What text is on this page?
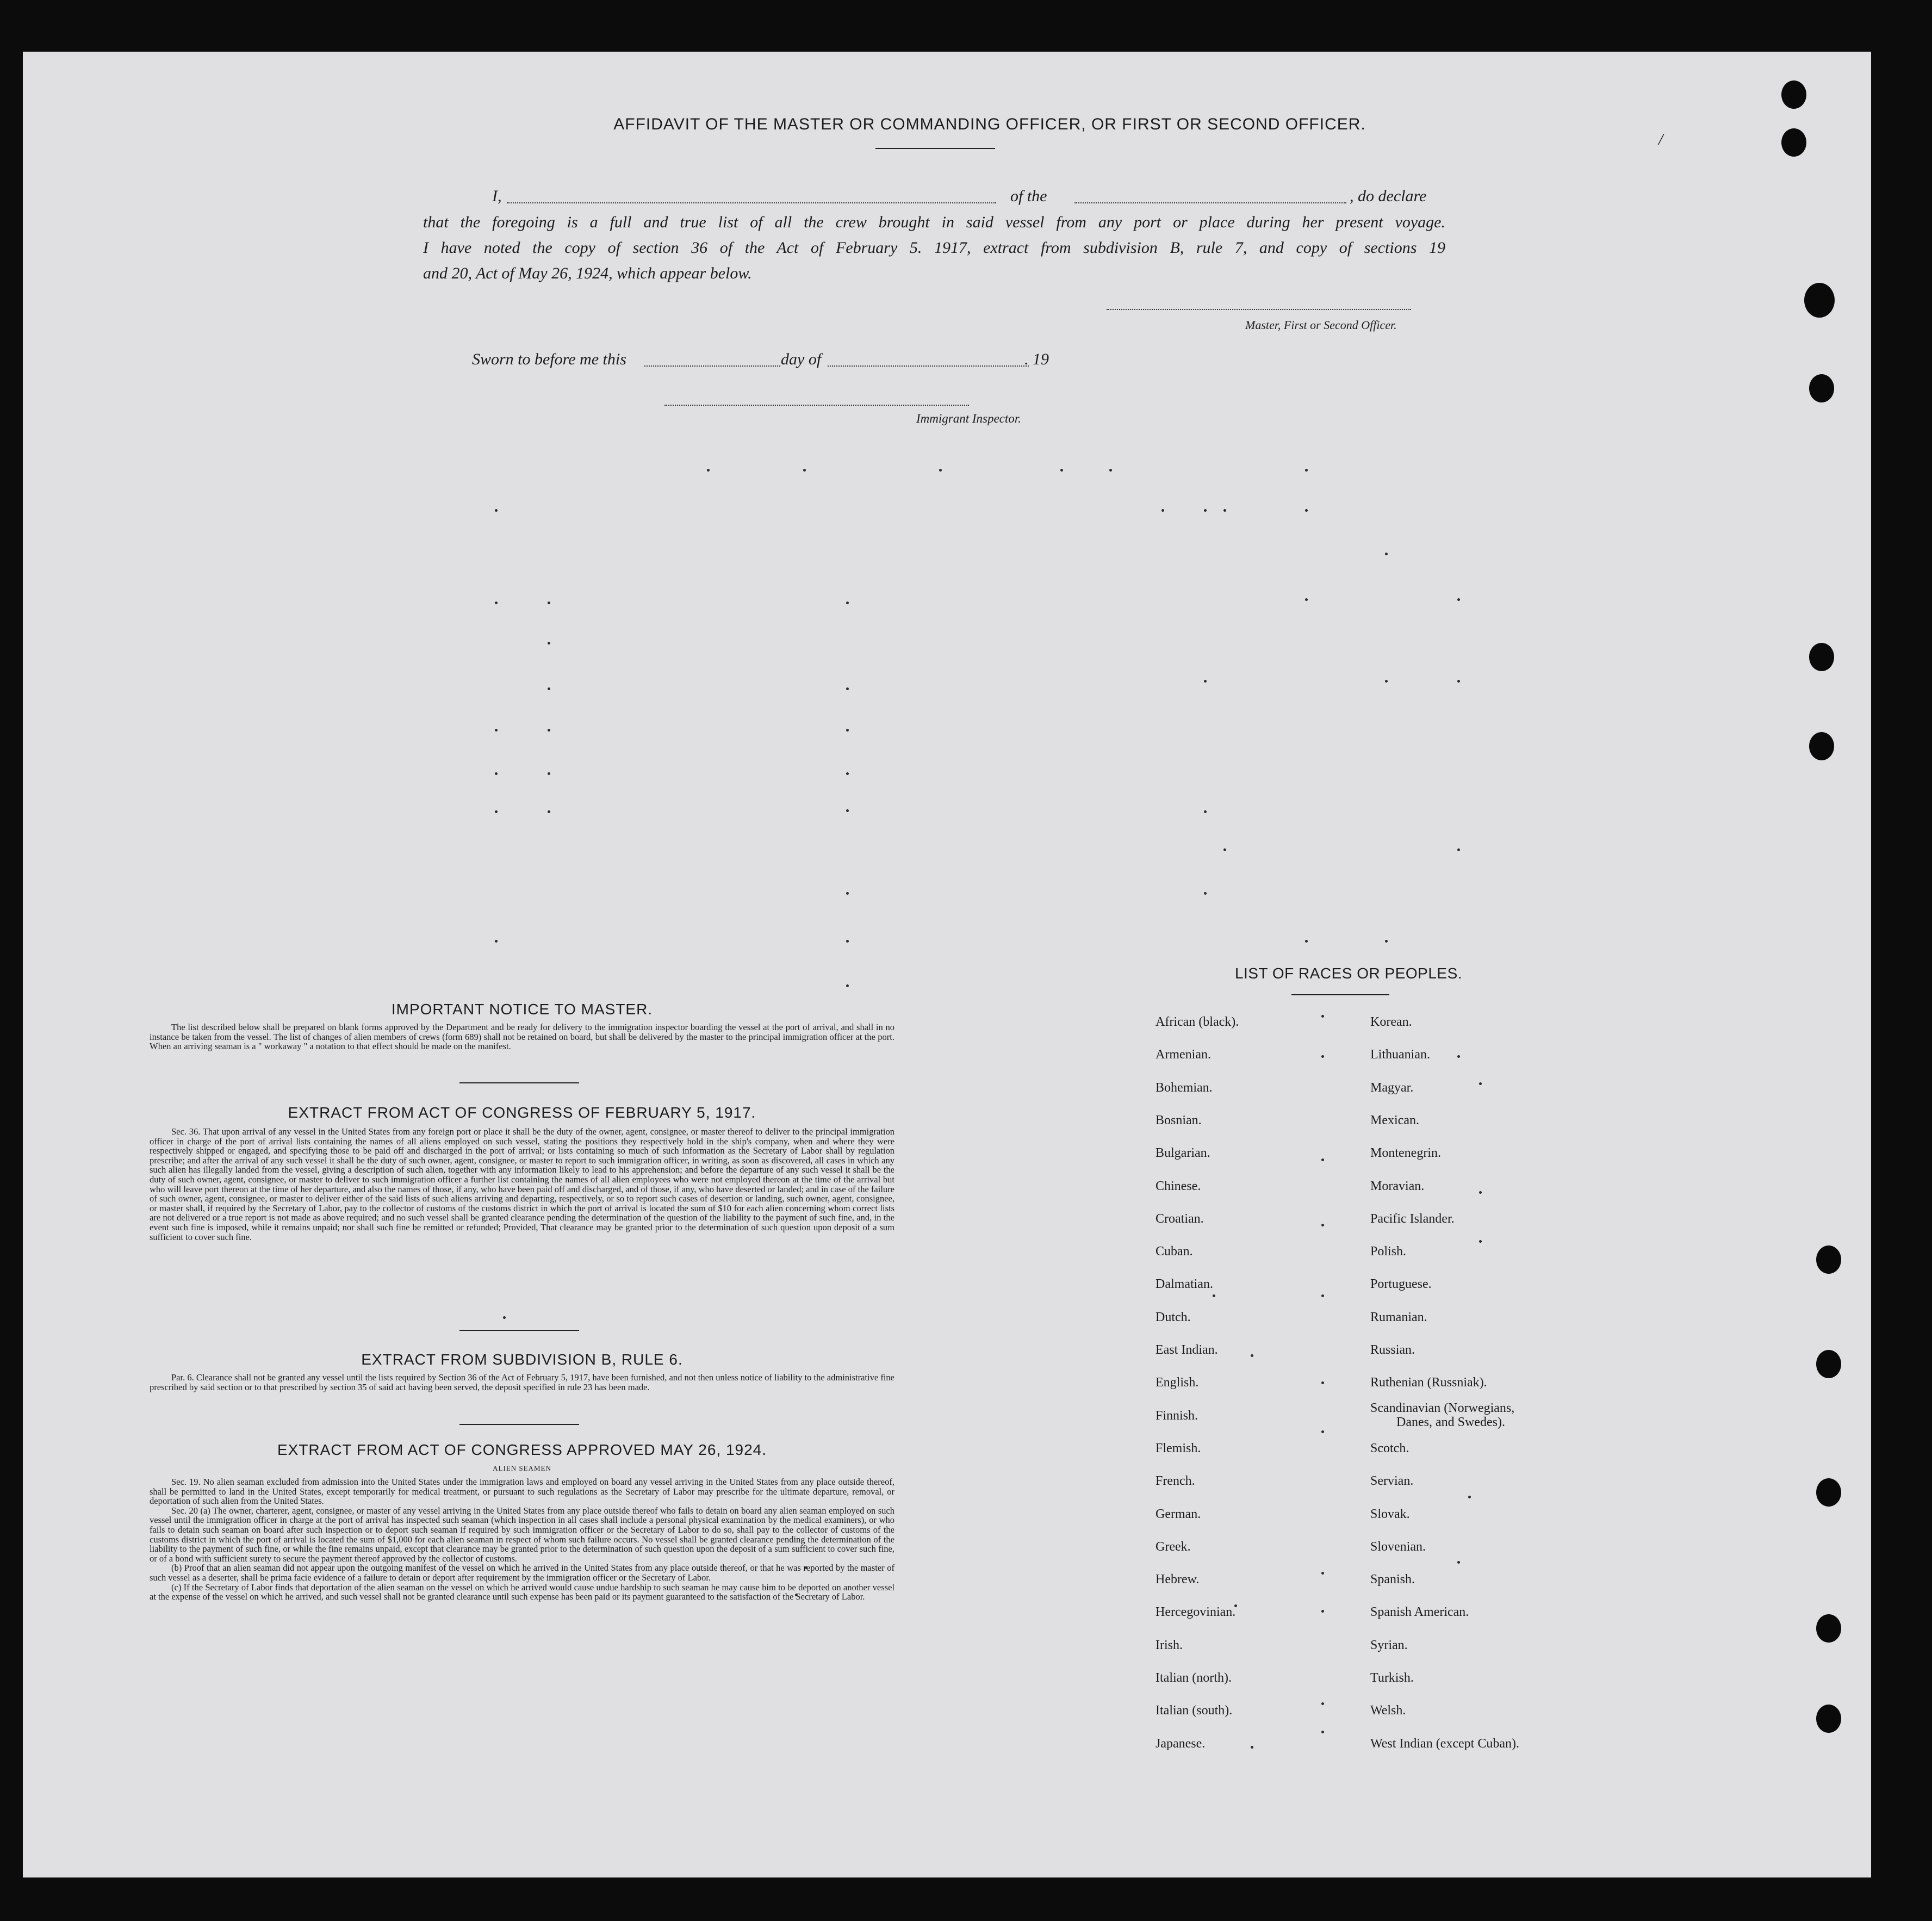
/
AFFIDAVIT OF THE MASTER OR COMMANDING OFFICER, OR FIRST OR SECOND OFFICER.
I,	of the	, do declare
that the foregoing is a full and true list of all the crew brought in said vessel from any port or place during her present voyage.
I have noted the copy of section 36 of the Act of February 5. 1917, extract from subdivision B, rule 7, and copy of sections 19
and 20, Act of May 26, 1924, which appear below.
Master, First or Second Officer.
Sworn to before me this	day of	. 19
Immigrant Inspector.
IMPORTANT NOTICE TO MASTER.
The list described below shall be prepared on blank forms approved by the Department and be ready for delivery to the immigration inspector boarding the vessel at the port of arrival, and shall in no instance be taken from the vessel. The list of changes of alien members of crews (form 689) shall not be retained on board, but shall be delivered by the master to the principal immigration officer at the port. When an arriving seaman is a " workaway " a notation to that effect should be made on the manifest.
EXTRACT FROM ACT OF CONGRESS OF FEBRUARY 5, 1917.
Sec. 36. That upon arrival of any vessel in the United States from any foreign port or place it shall be the duty of the owner, agent, consignee, or master thereof to deliver to the principal immigration officer in charge of the port of arrival lists containing the names of all aliens employed on such vessel, stating the positions they respectively hold in the ship's company, when and where they were respectively shipped or engaged, and specifying those to be paid off and discharged in the port of arrival; or lists containing so much of such information as the Secretary of Labor shall by regulation prescribe; and after the arrival of any such vessel it shall be the duty of such owner, agent, consignee, or master to report to such immigration officer, in writing, as soon as discovered, all cases in which any such alien has illegally landed from the vessel, giving a description of such alien, together with any information likely to lead to his apprehension; and before the departure of any such vessel it shall be the duty of such owner, agent, consignee, or master to deliver to such immigration officer a further list containing the names of all alien employees who were not employed thereon at the time of the arrival but who will leave port thereon at the time of her departure, and also the names of those, if any, who have been paid off and discharged, and of those, if any, who have deserted or landed; and in case of the failure of such owner, agent, consignee, or master to deliver either of the said lists of such aliens arriving and departing, respectively, or so to report such cases of desertion or landing, such owner, agent, consignee, or master shall, if required by the Secretary of Labor, pay to the collector of customs of the customs district in which the port of arrival is located the sum of $10 for each alien concerning whom correct lists are not delivered or a true report is not made as above required; and no such vessel shall be granted clearance pending the determination of the question of the liability to the payment of such fine, and, in the event such fine is imposed, while it remains unpaid; nor shall such fine be remitted or refunded; Provided, That clearance may be granted prior to the determination of such question upon deposit of a sum sufficient to cover such fine.
EXTRACT FROM SUBDIVISION B, RULE 6.
Par. 6. Clearance shall not be granted any vessel until the lists required by Section 36 of the Act of February 5, 1917, have been furnished, and not then unless notice of liability to the administrative fine prescribed by said section or to that prescribed by section 35 of said act having been served, the deposit specified in rule 23 has been made.
EXTRACT FROM ACT OF CONGRESS APPROVED MAY 26, 1924.
ALIEN SEAMEN

Sec. 19. No alien seaman excluded from admission into the United States under the immigration laws and employed on board any vessel arriving in the United States from any place outside thereof, shall be permitted to land in the United States, except temporarily for medical treatment, or pursuant to such regulations as the Secretary of Labor may prescribe for the ultimate departure, removal, or deportation of such alien from the United States.

Sec. 20 (a) The owner, charterer, agent, consignee, or master of any vessel arriving in the United States from any place outside thereof who fails to detain on board any alien seaman employed on such vessel until the immigration officer in charge at the port of arrival has inspected such seaman (which inspection in all cases shall include a personal physical examination by the medical examiners), or who fails to detain such seaman on board after such inspection or to deport such seaman if required by such immigration officer or the Secretary of Labor to do so, shall pay to the collector of customs of the customs district in which the port of arrival is located the sum of $1,000 for each alien seaman in respect of whom such failure occurs. No vessel shall be granted clearance pending the determination of the liability to the payment of such fine, or while the fine remains unpaid, except that clearance may be granted prior to the determination of such question upon the deposit of a sum sufficient to cover such fine, or of a bond with sufficient surety to secure the payment thereof approved by the collector of customs.

(b) Proof that an alien seaman did not appear upon the outgoing manifest of the vessel on which he arrived in the United States from any place outside thereof, or that he was reported by the master of such vessel as a deserter, shall be prima facie evidence of a failure to detain or deport after requirement by the immigration officer or the Secretary of Labor.

(c) If the Secretary of Labor finds that deportation of the alien seaman on the vessel on which he arrived would cause undue hardship to such seaman he may cause him to be deported on another vessel at the expense of the vessel on which he arrived, and such vessel shall not be granted clearance until such expense has been paid or its payment guaranteed to the satisfaction of the Secretary of Labor.

LIST OF RACES OR PEOPLES.
African (black).
Armenian.
Bohemian.
Bosnian.
Bulgarian.
Chinese.
Croatian.
Cuban.
Dalmatian.
Dutch.
East Indian.
English.
Finnish.
Flemish.
French.
German.
Greek.
Hebrew.
Hercegovinian.
Irish.
Italian (north).
Italian (south).
Japanese.
Korean.
Lithuanian.
Magyar.
Mexican.
Montenegrin.
Moravian.
Pacific Islander.
Polish.
Portuguese.
Rumanian.
Russian.
Ruthenian (Russniak).
Scandinavian (Norwegians,
Danes, and Swedes).
Scotch.
Servian.
Slovak.
Slovenian.
Spanish.
Spanish American.
Syrian.
Turkish.
Welsh.
West Indian (except Cuban).
